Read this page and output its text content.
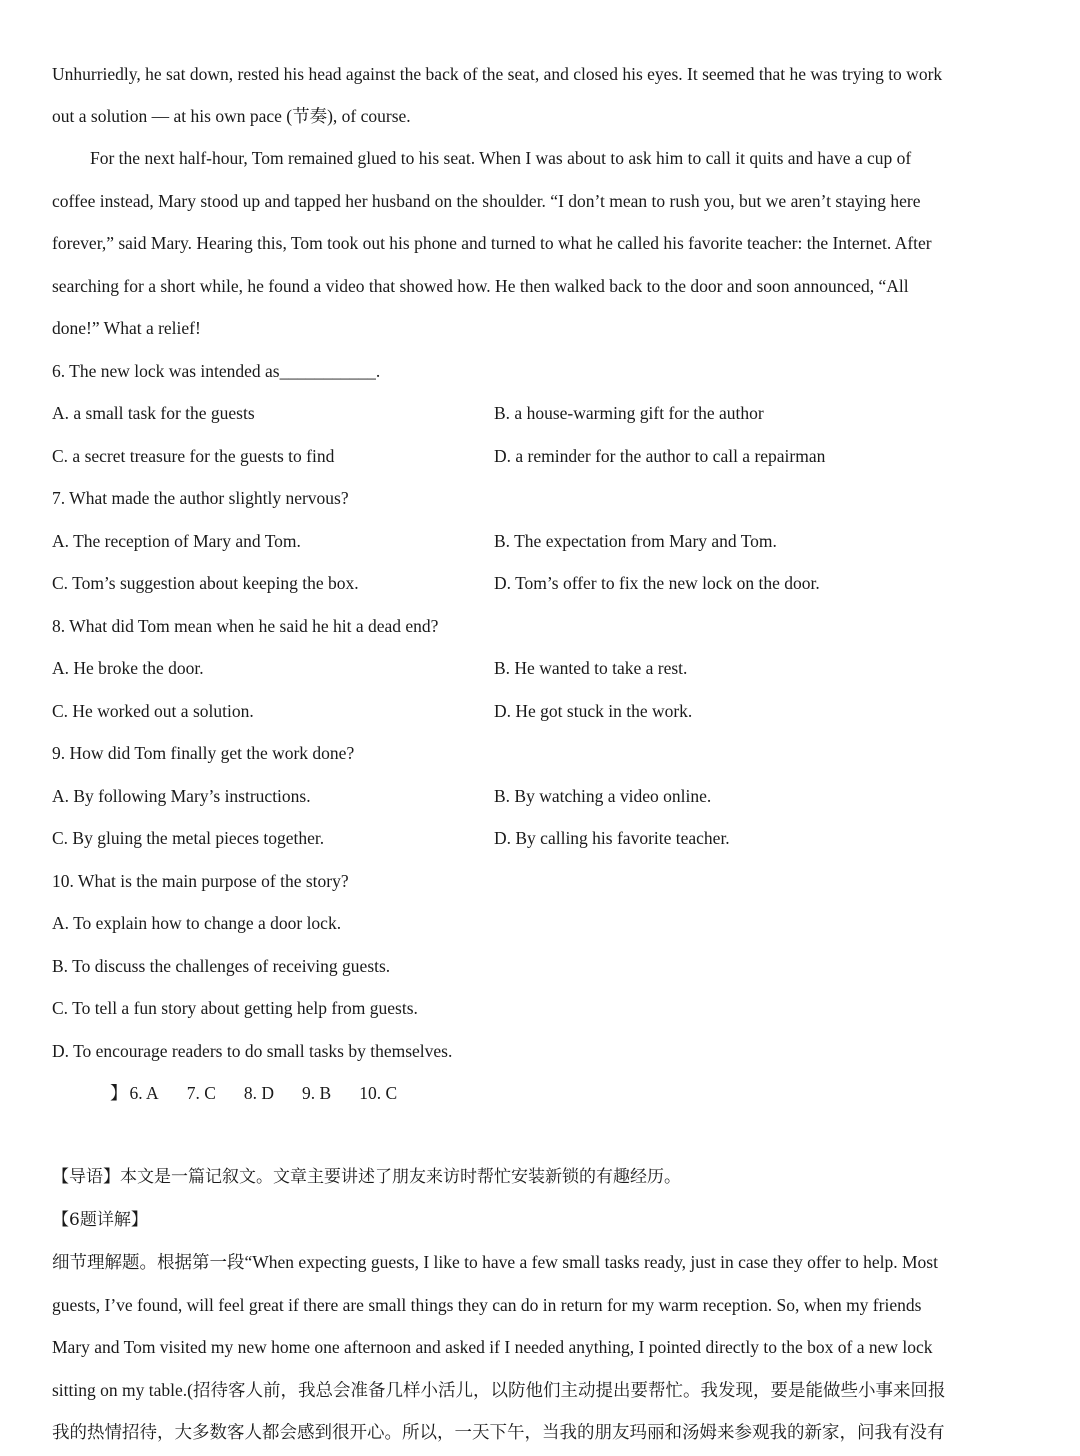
Unhurriedly, he sat down, rested his head against the back of the seat, and closed his eyes. It seemed that he was trying to work
out a solution — at his own pace (节奏), of course.
For the next half-hour, Tom remained glued to his seat. When I was about to ask him to call it quits and have a cup of
coffee instead, Mary stood up and tapped her husband on the shoulder. “I don’t mean to rush you, but we aren’t staying here
forever,” said Mary. Hearing this, Tom took out his phone and turned to what he called his favorite teacher: the Internet. After
searching for a short while, he found a video that showed how. He then walked back to the door and soon announced, “All
done!” What a relief!
6. The new lock was intended as___________.
A. a small task for the guests	B. a house-warming gift for the author
C. a secret treasure for the guests to find	D. a reminder for the author to call a repairman
7. What made the author slightly nervous?
A. The reception of Mary and Tom.	B. The expectation from Mary and Tom.
C. Tom’s suggestion about keeping the box.	D. Tom’s offer to fix the new lock on the door.
8. What did Tom mean when he said he hit a dead end?
A. He broke the door.	B. He wanted to take a rest.
C. He worked out a solution.	D. He got stuck in the work.
9. How did Tom finally get the work done?
A. By following Mary’s instructions.	B. By watching a video online.
C. By gluing the metal pieces together.	D. By calling his favorite teacher.
10. What is the main purpose of the story?
A. To explain how to change a door lock.
B. To discuss the challenges of receiving guests.
C. To tell a fun story about getting help from guests.
D. To encourage readers to do small tasks by themselves.
】 6. A 7. C 8. D 9. B 10. C
【导语】本文是一篇记叙文。文章主要讲述了朋友来访时帮忙安装新锁的有趣经历。
【6题详解】
细节理解题。根据第一段“When expecting guests, I like to have a few small tasks ready, just in case they offer to help. Most
guests, I’ve found, will feel great if there are small things they can do in return for my warm reception. So, when my friends
Mary and Tom visited my new home one afternoon and asked if I needed anything, I pointed directly to the box of a new lock
sitting on my table.(招待客人前，我总会准备几样小活儿，以防他们主动提出要帮忙。我发现，要是能做些小事来回报
我的热情招待，大多数客人都会感到很开心。所以，一天下午，当我的朋友玛丽和汤姆来参观我的新家，问我有没有
